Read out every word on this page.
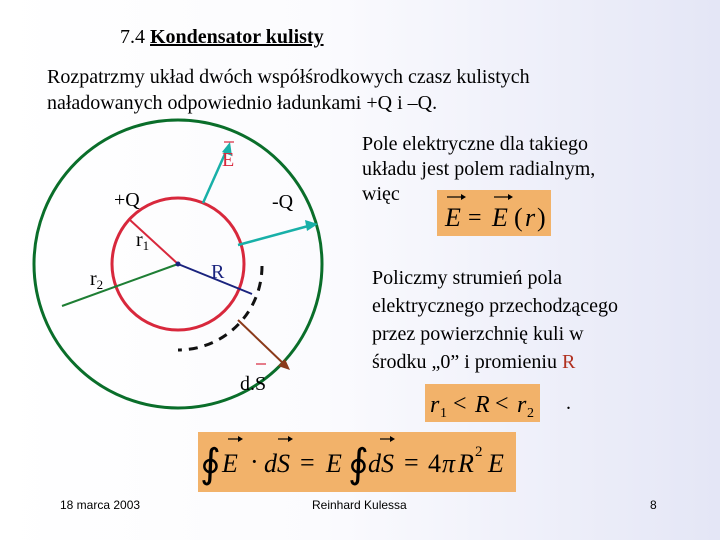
7.4 Kondensator kulisty
Rozpatrzmy układ dwóch współśrodkowych czasz kulistych
naładowanych odpowiednio ładunkami +Q i –Q.
Pole elektryczne dla takiego
układu jest polem radialnym,
więc
E = E ( r )
Policzmy strumień pola
elektrycznego przechodzącego
przez powierzchnię kuli w
środku „0” i promieniu R
r 1 < R < r 2 .
∮ E · dS = E ∮ dS = 4 π R 2 E
E
+Q	-Q
$r_1$
$r_2$
R
d.S
18 marca 2003	Reinhard Kulessa	8
